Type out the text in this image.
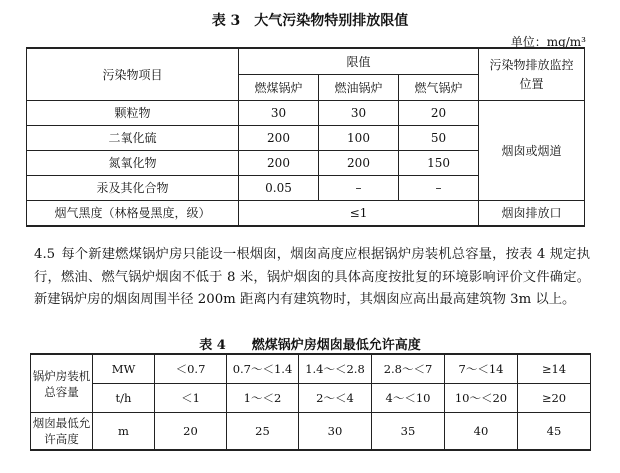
表 3　大气污染物特别排放限值
单位：mg/m³
污染物项目	限值			污染物排放监控位置
	燃煤锅炉	燃油锅炉	燃气锅炉	
颗粒物	30	30	20	烟囱或烟道
二氧化硫	200	100	50	
氮氧化物	200	200	150	
汞及其化合物	0.05	–	–	
烟气黑度（林格曼黑度，级）	≤1			烟囱排放口
4.5 每个新建燃煤锅炉房只能设一根烟囱，烟囱高度应根据锅炉房装机总容量，按表 4 规定执行，燃油、燃气锅炉烟囱不低于 8 米，锅炉烟囱的具体高度按批复的环境影响评价文件确定。新建锅炉房的烟囱周围半径 200m 距离内有建筑物时，其烟囱应高出最高建筑物 3m 以上。
表 4　　燃煤锅炉房烟囱最低允许高度
锅炉房装机总容量	MW	＜0.7	0.7～＜1.4	1.4～＜2.8	2.8～＜7	7～＜14	≥14
	t/h	＜1	1～＜2	2～＜4	4～＜10	10～＜20	≥20
烟囱最低允许高度	m	20	25	30	35	40	45
